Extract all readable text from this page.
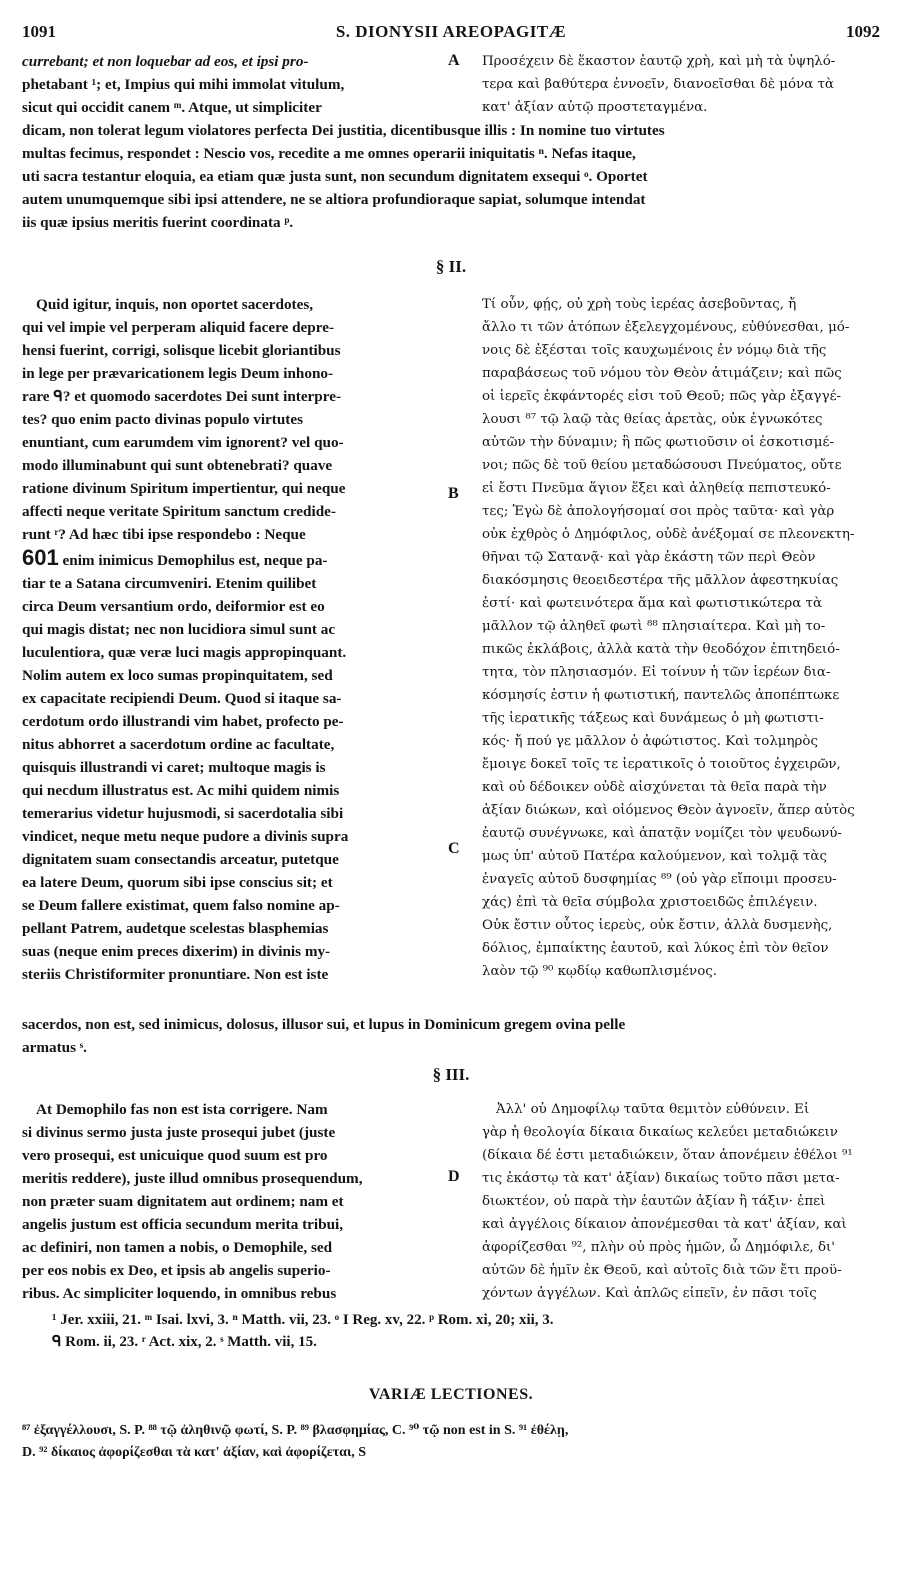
1091	S. DIONYSII AREOPAGITÆ	1092

currebant; et non loquebar ad eos, et ipsi pro-

phetabant ¹; et, Impius qui mihi immolat vitulum,

sicut qui occidit canem ᵐ. Atque, ut simpliciter

A Προσέχειν δὲ ἕκαστον ἑαυτῷ χρὴ, καὶ μὴ τὰ ὑψηλό-

τερα καὶ βαθύτερα ἐννοεῖν, διανοεῖσθαι δὲ μόνα τὰ

κατ' ἀξίαν αὐτῷ προστεταγμένα.

dicam, non tolerat legum violatores perfecta Dei justitia, dicentibusque illis : In nomine tuo virtutes

multas fecimus, respondet : Nescio vos, recedite a me omnes operarii iniquitatis ⁿ. Nefas itaque,

uti sacra testantur eloquia, ea etiam quæ justa sunt, non secundum dignitatem exsequi ᵒ. Oportet

autem unumquemque sibi ipsi attendere, ne se altiora profundioraque sapiat, solumque intendat

iis quæ ipsius meritis fuerint coordinata ᵖ.

§ II.

Quid igitur, inquis, non oportet sacerdotes,

qui vel impie vel perperam aliquid facere depre-

hensi fuerint, corrigi, solisque licebit gloriantibus

in lege per prævaricationem legis Deum inhono-

rare ᑫ? et quomodo sacerdotes Dei sunt interpre-

tes? quo enim pacto divinas populo virtutes

enuntiant, cum earumdem vim ignorent? vel quo-

modo illuminabunt qui sunt obtenebrati? quave

ratione divinum Spiritum impertientur, qui neque

affecti neque veritate Spiritum sanctum credide-

runt ʳ? Ad hæc tibi ipse respondebo : Neque

601 enim inimicus Demophilus est, neque pa-

tiar te a Satana circumveniri. Etenim quilibet

circa Deum versantium ordo, deiformior est eo

qui magis distat; nec non lucidiora simul sunt ac

luculentiora, quæ veræ luci magis appropinquant.

Nolim autem ex loco sumas propinquitatem, sed

ex capacitate recipiendi Deum. Quod si itaque sa-

cerdotum ordo illustrandi vim habet, profecto pe-

nitus abhorret a sacerdotum ordine ac facultate,

quisquis illustrandi vi caret; multoque magis is

qui necdum illustratus est. Ac mihi quidem nimis

temerarius videtur hujusmodi, si sacerdotalia sibi

vindicet, neque metu neque pudore a divinis supra

dignitatem suam consectandis arceatur, putetque

ea latere Deum, quorum sibi ipse conscius sit; et

se Deum fallere existimat, quem falso nomine ap-

pellant Patrem, audetque scelestas blasphemias

suas (neque enim preces dixerim) in divinis my-

steriis Christiformiter pronuntiare. Non est iste

B
C

Τί οὖν, φῄς, οὐ χρὴ τοὺς ἱερέας ἀσεβοῦντας, ἤ

ἄλλο τι τῶν ἀτόπων ἐξελεγχομένους, εὐθύνεσθαι, μό-

νοις δὲ ἐξέσται τοῖς καυχωμένοις ἐν νόμῳ διὰ τῆς

παραβάσεως τοῦ νόμου τὸν Θεὸν ἀτιμάζειν; καὶ πῶς

οἱ ἱερεῖς ἐκφάντορές εἰσι τοῦ Θεοῦ; πῶς γὰρ ἐξαγγέ-

λουσι ⁸⁷ τῷ λαῷ τὰς θείας ἀρετὰς, οὐκ ἐγνωκότες

αὐτῶν τὴν δύναμιν; ἢ πῶς φωτιοῦσιν οἱ ἐσκοτισμέ-

νοι; πῶς δὲ τοῦ θείου μεταδώσουσι Πνεύματος, οὔτε

εἰ ἔστι Πνεῦμα ἅγιον ἕξει καὶ ἀληθείᾳ πεπιστευκό-

τες; Ἐγὼ δὲ ἀπολογήσομαί σοι πρὸς ταῦτα· καὶ γὰρ

οὐκ ἐχθρὸς ὁ Δημόφιλος, οὐδὲ ἀνέξομαί σε πλεονεκτη-

θῆναι τῷ Σατανᾷ· καὶ γὰρ ἑκάστη τῶν περὶ Θεὸν

διακόσμησις θεοειδεστέρα τῆς μᾶλλον ἀφεστηκυίας

ἐστί· καὶ φωτεινότερα ἅμα καὶ φωτιστικώτερα τὰ

μᾶλλον τῷ ἀληθεῖ φωτὶ ⁸⁸ πλησιαίτερα. Καὶ μὴ το-

πικῶς ἐκλάβοις, ἀλλὰ κατὰ τὴν θεοδόχον ἐπιτηδειό-

τητα, τὸν πλησιασμόν. Εἰ τοίνυν ἡ τῶν ἱερέων δια-

κόσμησίς ἐστιν ἡ φωτιστική, παντελῶς ἀποπέπτωκε

τῆς ἱερατικῆς τάξεως καὶ δυνάμεως ὁ μὴ φωτιστι-

κός· ἤ πού γε μᾶλλον ὁ ἀφώτιστος. Καὶ τολμηρὸς

ἔμοιγε δοκεῖ τοῖς τε ἱερατικοῖς ὁ τοιοῦτος ἐγχειρῶν,

καὶ οὐ δέδοικεν οὐδὲ αἰσχύνεται τὰ θεῖα παρὰ τὴν

ἀξίαν διώκων, καὶ οἰόμενος Θεὸν ἀγνοεῖν, ἅπερ αὐτὸς

ἑαυτῷ συνέγνωκε, καὶ ἀπατᾷν νομίζει τὸν ψευδωνύ-

μως ὑπ' αὐτοῦ Πατέρα καλούμενον, καὶ τολμᾷ τὰς

ἐναγεῖς αὐτοῦ δυσφημίας ⁸⁹ (οὐ γὰρ εἴποιμι προσευ-

χάς) ἐπὶ τὰ θεῖα σύμβολα χριστοειδῶς ἐπιλέγειν.

Οὐκ ἔστιν οὗτος ἱερεὺς, οὐκ ἔστιν, ἀλλὰ δυσμενὴς,

δόλιος, ἐμπαίκτης ἑαυτοῦ, καὶ λύκος ἐπὶ τὸν θεῖον

λαὸν τῷ ⁹⁰ κῳδίῳ καθωπλισμένος.

sacerdos, non est, sed inimicus, dolosus, illusor sui, et lupus in Dominicum gregem ovina pelle

armatus ˢ.

§ III.

At Demophilo fas non est ista corrigere. Nam

si divinus sermo justa juste prosequi jubet (juste

vero prosequi, est unicuique quod suum est pro

meritis reddere), juste illud omnibus prosequendum,

non præter suam dignitatem aut ordinem; nam et

angelis justum est officia secundum merita tribui,

ac definiri, non tamen a nobis, o Demophile, sed

per eos nobis ex Deo, et ipsis ab angelis superio-

ribus. Ac simpliciter loquendo, in omnibus rebus

D

Ἀλλ' οὐ Δημοφίλῳ ταῦτα θεμιτὸν εὐθύνειν. Εἰ

γὰρ ἡ θεολογία δίκαια δικαίως κελεύει μεταδιώκειν

(δίκαια δέ ἐστι μεταδιώκειν, ὅταν ἀπονέμειν ἐθέλοι ⁹¹

τις ἑκάστῳ τὰ κατ' ἀξίαν) δικαίως τοῦτο πᾶσι μετα-

διωκτέον, οὐ παρὰ τὴν ἑαυτῶν ἀξίαν ἢ τάξιν· ἐπεὶ

καὶ ἀγγέλοις δίκαιον ἀπονέμεσθαι τὰ κατ' ἀξίαν, καὶ

ἀφορίζεσθαι ⁹², πλὴν οὐ πρὸς ἡμῶν, ὦ Δημόφιλε, δι'

αὐτῶν δὲ ἡμῖν ἐκ Θεοῦ, καὶ αὐτοῖς διὰ τῶν ἔτι προϋ-

χόντων ἀγγέλων. Καὶ ἁπλῶς εἰπεῖν, ἐν πᾶσι τοῖς

¹ Jer. xxiii, 21. ᵐ Isai. lxvi, 3. ⁿ Matth. vii, 23. ᵒ I Reg. xv, 22. ᵖ Rom. xi, 20; xii, 3.
ᑫ Rom. ii, 23. ʳ Act. xix, 2. ˢ Matth. vii, 15.
VARIÆ LECTIONES.

⁸⁷ ἐξαγγέλλουσι, S. P. ⁸⁸ τῷ ἀληθινῷ φωτί, S. P. ⁸⁹ βλασφημίας, C. ⁹⁰ τῷ non est in S. ⁹¹ ἐθέλῃ,

D. ⁹² δίκαιος ἀφορίζεσθαι τὰ κατ' ἀξίαν, καὶ ἀφορίζεται, S
